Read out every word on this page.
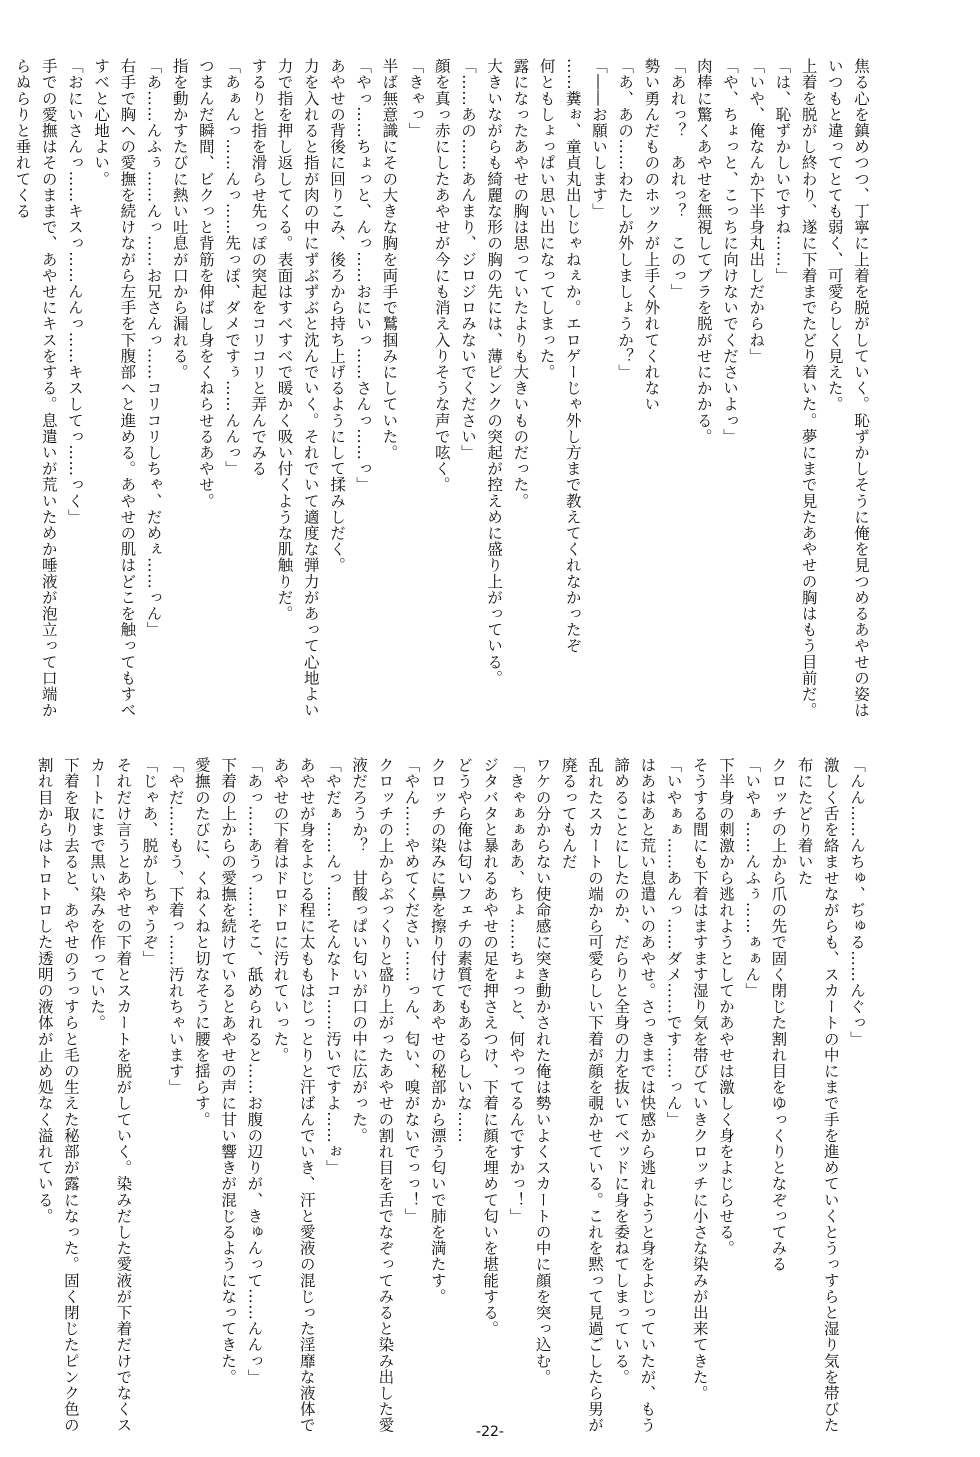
焦る心を鎮めつつ、丁寧に上着を脱がしていく。恥ずかしそうに俺を見つめるあやせの姿は
いつもと違ってとても弱く、可愛らしく見えた。
上着を脱がし終わり、遂に下着までたどり着いた。夢にまで見たあやせの胸はもう目前だ。
「は、恥ずかしいですね……」
「いや、俺なんか下半身丸出しだからね」
「や、ちょっと、こっちに向けないでくださいよっ」
肉棒に驚くあやせを無視してブラを脱がせにかかる。
「あれっ？　あれっ？　このっ」
勢い勇んだもののホックが上手く外れてくれない
「あ、あの……わたしが外しましょうか？」
「――お願いします」
……糞ぉ、童貞丸出しじゃねぇか。エロゲーじゃ外し方まで教えてくれなかったぞ
何ともしょっぱい思い出になってしまった。
露になったあやせの胸は思っていたよりも大きいものだった。
大きいながらも綺麗な形の胸の先には、薄ピンクの突起が控えめに盛り上がっている。
「……あの……あんまり、ジロジロみないでください」
顔を真っ赤にしたあやせが今にも消え入りそうな声で呟く。
「きゃっ」
半ば無意識にその大きな胸を両手で鷲掴みにしていた。
「やっ……ちょっと、んっ……おにいっ……さんっ……っ」
あやせの背後に回りこみ、後ろから持ち上げるようにして揉みしだく。
力を入れると指が肉の中にずぶずぶと沈んでいく。それでいて適度な弾力があって心地よい
力で指を押し返してくる。表面はすべすべで暖かく吸い付くような肌触りだ。
するりと指を滑らせ先っぽの突起をコリコリと弄んでみる
「あぁんっ……んっ……先っぽ、ダメですぅ……んんっ」
つまんだ瞬間、ビクっと背筋を伸ばし身をくねらせるあやせ。
指を動かすたびに熱い吐息が口から漏れる。
「あ……んふぅ……んっ……お兄さんっ……コリコリしちゃ、だめぇ……っん」
右手で胸への愛撫を続けながら左手を下腹部へと進める。あやせの肌はどこを触ってもすべ
すべと心地よい。
「おにいさんっ……キスっ……んんっ……キスしてっ……っく」
手での愛撫はそのままで、あやせにキスをする。息遣いが荒いためか唾液が泡立って口端か
らぬらりと垂れてくる
「んん……んちゅ、ぢゅる……んぐっ」
激しく舌を絡ませながらも、スカートの中にまで手を進めていくとうっすらと湿り気を帯びた
布にたどり着いた
クロッチの上から爪の先で固く閉じた割れ目をゆっくりとなぞってみる
「いやぁ……んふぅ……ぁぁん」
下半身の刺激から逃れようとしてかあやせは激しく身をよじらせる。
そうする間にも下着はますます湿り気を帯びていきクロッチに小さな染みが出来てきた。
「いやぁぁ……あんっ……ダメ……です……っん」
はあはあと荒い息遣いのあやせ。さっきまでは快感から逃れようと身をよじっていたが、もう
諦めることにしたのか、だらりと全身の力を抜いてベッドに身を委ねてしまっている。
乱れたスカートの端から可愛らしい下着が顔を覗かせている。これを黙って見過ごしたら男が
廃るってもんだ
ワケの分からない使命感に突き動かされた俺は勢いよくスカートの中に顔を突っ込む。
「きゃぁぁああ、ちょ……ちょっと、何やってるんですかっ！」
ジタバタと暴れるあやせの足を押さえつけ、下着に顔を埋めて匂いを堪能する。
どうやら俺は匂いフェチの素質でもあるらしいな……
クロッチの染みに鼻を擦り付けてあやせの秘部から漂う匂いで肺を満たす。
「やん……やめてください……っん、匂い、嗅がないでっっ！」
クロッチの上からぷっくりと盛り上がったあやせの割れ目を舌でなぞってみると染み出した愛
液だろうか？　甘酸っぱい匂いが口の中に広がった。
「やだぁ……んっ……そんなトコ……汚いですよ……ぉ」
あやせが身をよじる程に太ももはじっとりと汗ばんでいき、汗と愛液の混じった淫靡な液体で
あやせの下着はドロドロに汚れていった。
「あっ……あうっ……そこ、舐められると……お腹の辺りが、きゅんって……んんっ」
下着の上からの愛撫を続けているとあやせの声に甘い響きが混じるようになってきた。
愛撫のたびに、くねくねと切なそうに腰を揺らす。
「やだ……もう、下着っ……汚れちゃいます」
「じゃあ、脱がしちゃうぞ」
それだけ言うとあやせの下着とスカートを脱がしていく。染みだした愛液が下着だけでなくス
カートにまで黒い染みを作っていた。
下着を取り去ると、あやせのうっすらと毛の生えた秘部が露になった。固く閉じたピンク色の
割れ目からはトロトロした透明の液体が止め処なく溢れている。
-22-
